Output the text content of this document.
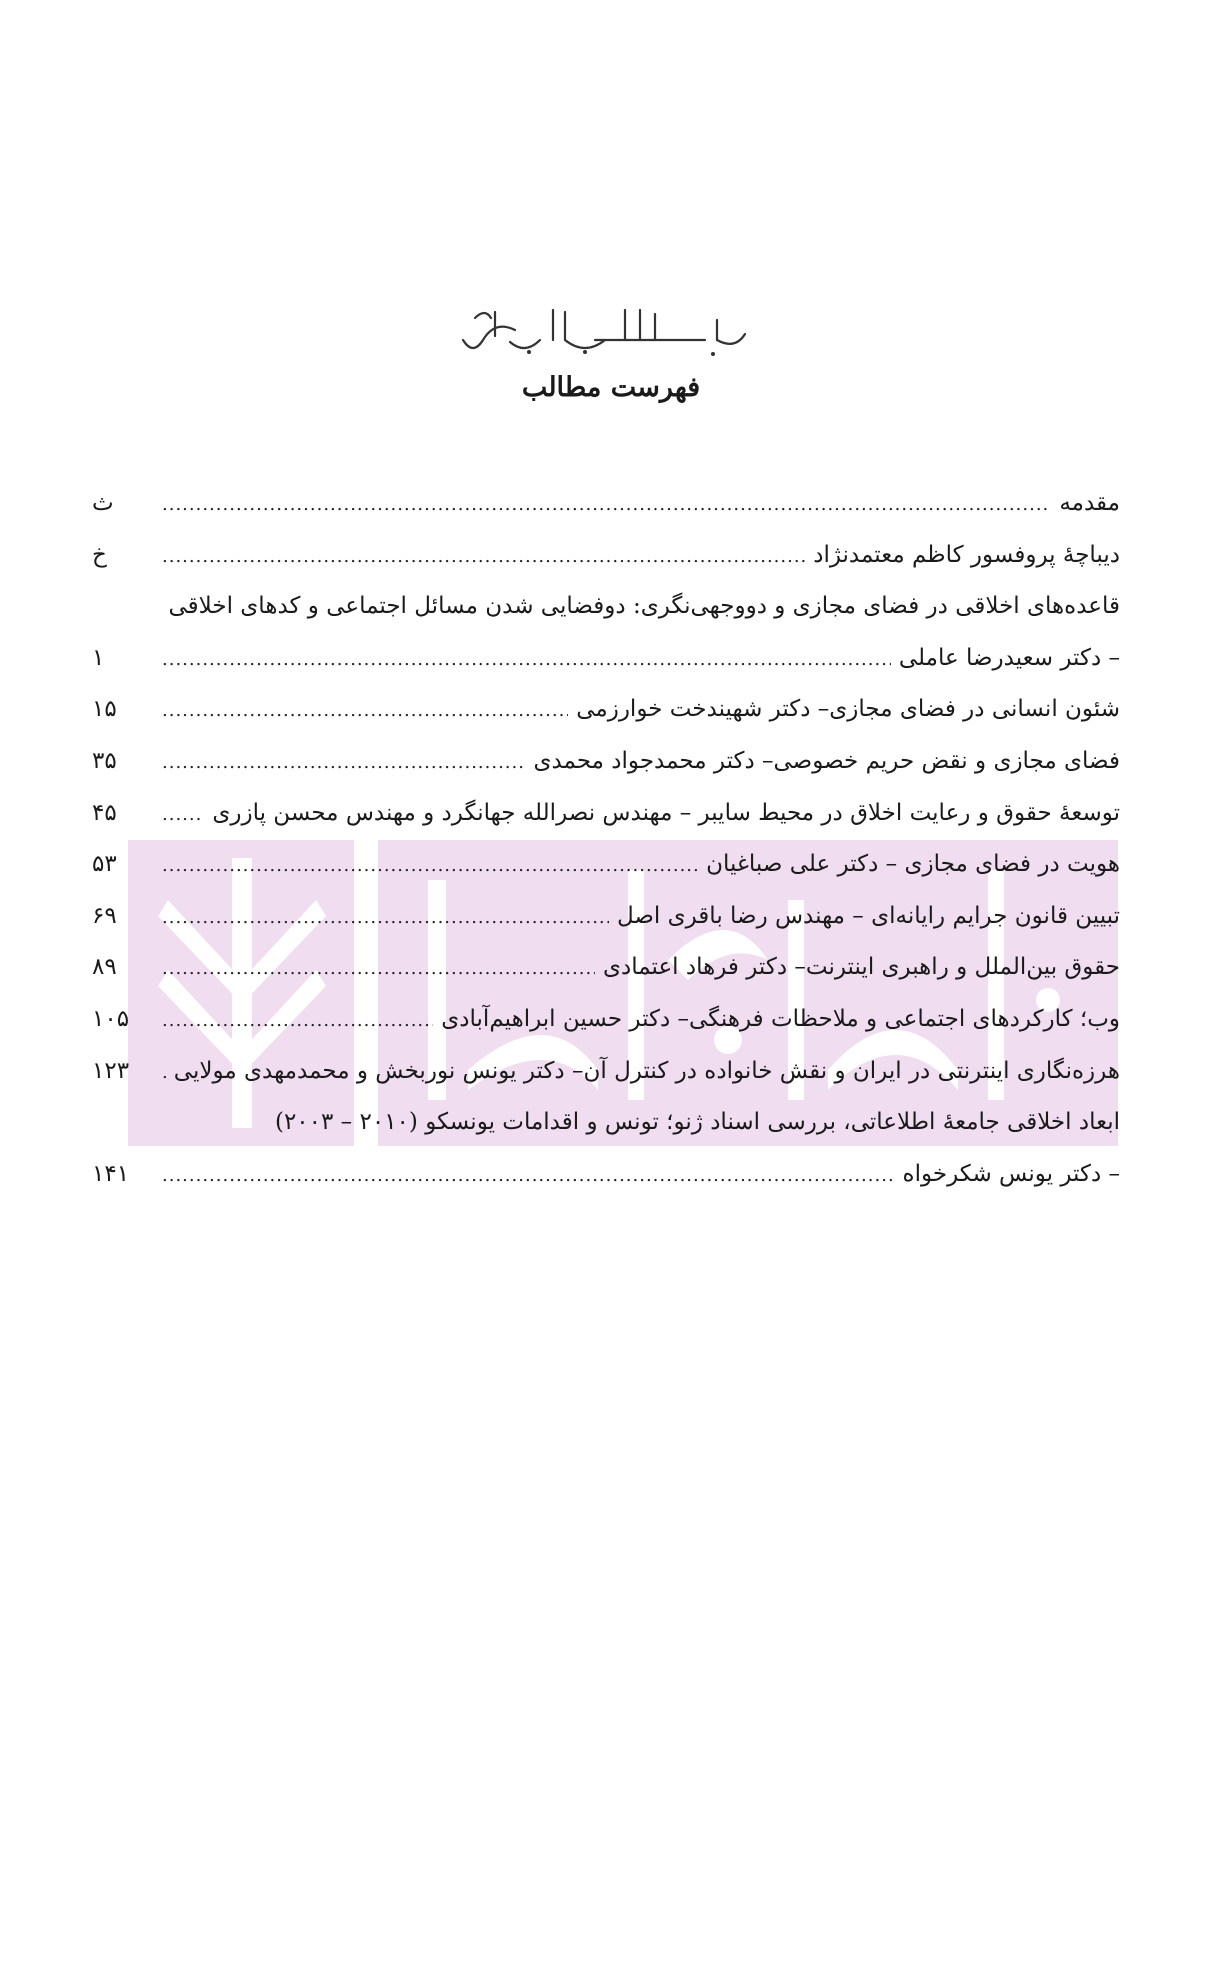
فهرست مطالب
مقدمه
.....
ث
دیباچهٔ پروفسور کاظم معتمدنژاد
.....
خ
قاعده‌های اخلاقی در فضای مجازی و دووجهی‌نگری: دوفضایی شدن مسائل اجتماعی و کدهای اخلاقی
– دکتر سعیدرضا عاملی
.....
۱
شئون انسانی در فضای مجازی– دکتر شهیندخت خوارزمی
.....
۱۵
فضای مجازی و نقض حریم خصوصی– دکتر محمدجواد محمدی
.....
۳۵
توسعهٔ حقوق و رعایت اخلاق در محیط سایبر – مهندس نصرالله جهانگرد و مهندس محسن پازری
.....
۴۵
هویت در فضای مجازی – دکتر علی صباغیان
.....
۵۳
تبیین قانون جرایم رایانه‌ای – مهندس رضا باقری اصل
.....
۶۹
حقوق بین‌الملل و راهبری اینترنت– دکتر فرهاد اعتمادی
.....
۸۹
وب؛ کارکردهای اجتماعی و ملاحظات فرهنگی– دکتر حسین ابراهیم‌آبادی
.....
۱۰۵
هرزه‌نگاری اینترنتی در ایران و نقش خانواده در کنترل آن– دکتر یونس نوربخش و محمدمهدی مولایی
.....
۱۲۳
ابعاد اخلاقی جامعهٔ اطلاعاتی، بررسی اسناد ژنو؛ تونس و اقدامات یونسکو (۲۰۱۰ – ۲۰۰۳)
– دکتر یونس شکرخواه
.....
۱۴۱
